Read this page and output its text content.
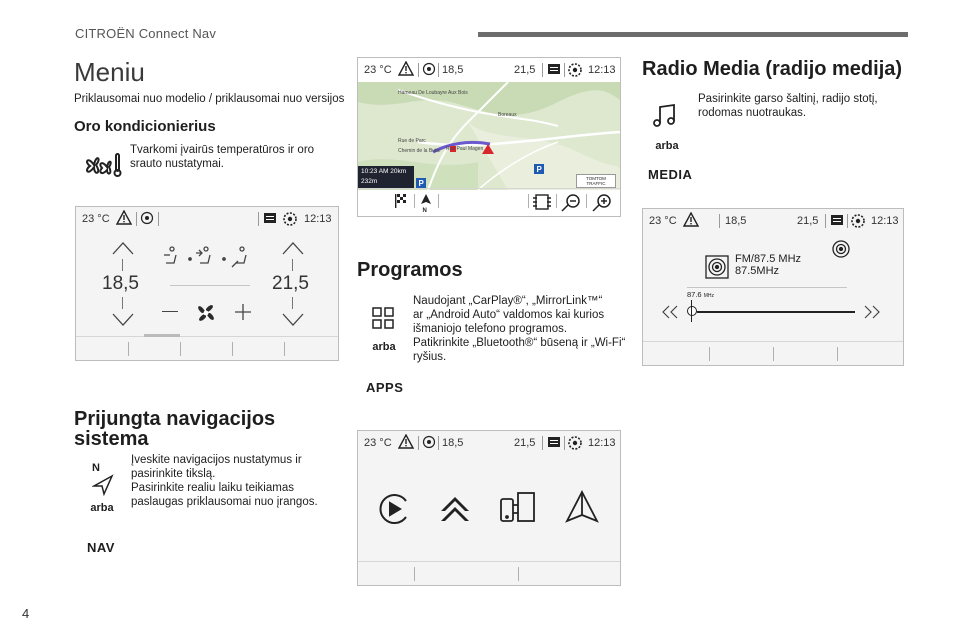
CITROËN Connect Nav
4
Meniu
Priklausomai nuo modelio / priklausomai nuo versijos
Oro kondicionierius
Tvarkomi įvairūs temperatūros ir oro srauto nustatymai.
23 °C	12:13
18,5	21,5
Prijungta navigacijos
sistema
N
arba
NAV
Įveskite navigacijos nustatymus ir
pasirinkite tikslą.
Pasirinkite realiu laiku teikiamas
paslaugas priklausomai nuo įrangos.
23 °C	18,5	21,5	12:13
P
P
Hameau De Loubayre Aux Bois
Boreaux
Rue de Parc
Chemin de la Butte Rue Paul Magen
10:23 AM 20km
232m	TOMTOM TRAFFIC
N
Programos
arba
APPS
Naudojant „CarPlay®“, „MirrorLink™“
ar „Android Auto“ valdomos kai kurios
išmaniojo telefono programos.
Patikrinkite „Bluetooth®“ būseną ir „Wi-Fi“
ryšius.
23 °C	18,5	21,5	12:13
Radio Media (radijo medija)
arba
MEDIA
Pasirinkite garso šaltinį, radijo stotį,
rodomas nuotraukas.
23 °C	18,5	21,5	12:13
FM/87.5 MHz
87.5MHz
87.6 MHz
